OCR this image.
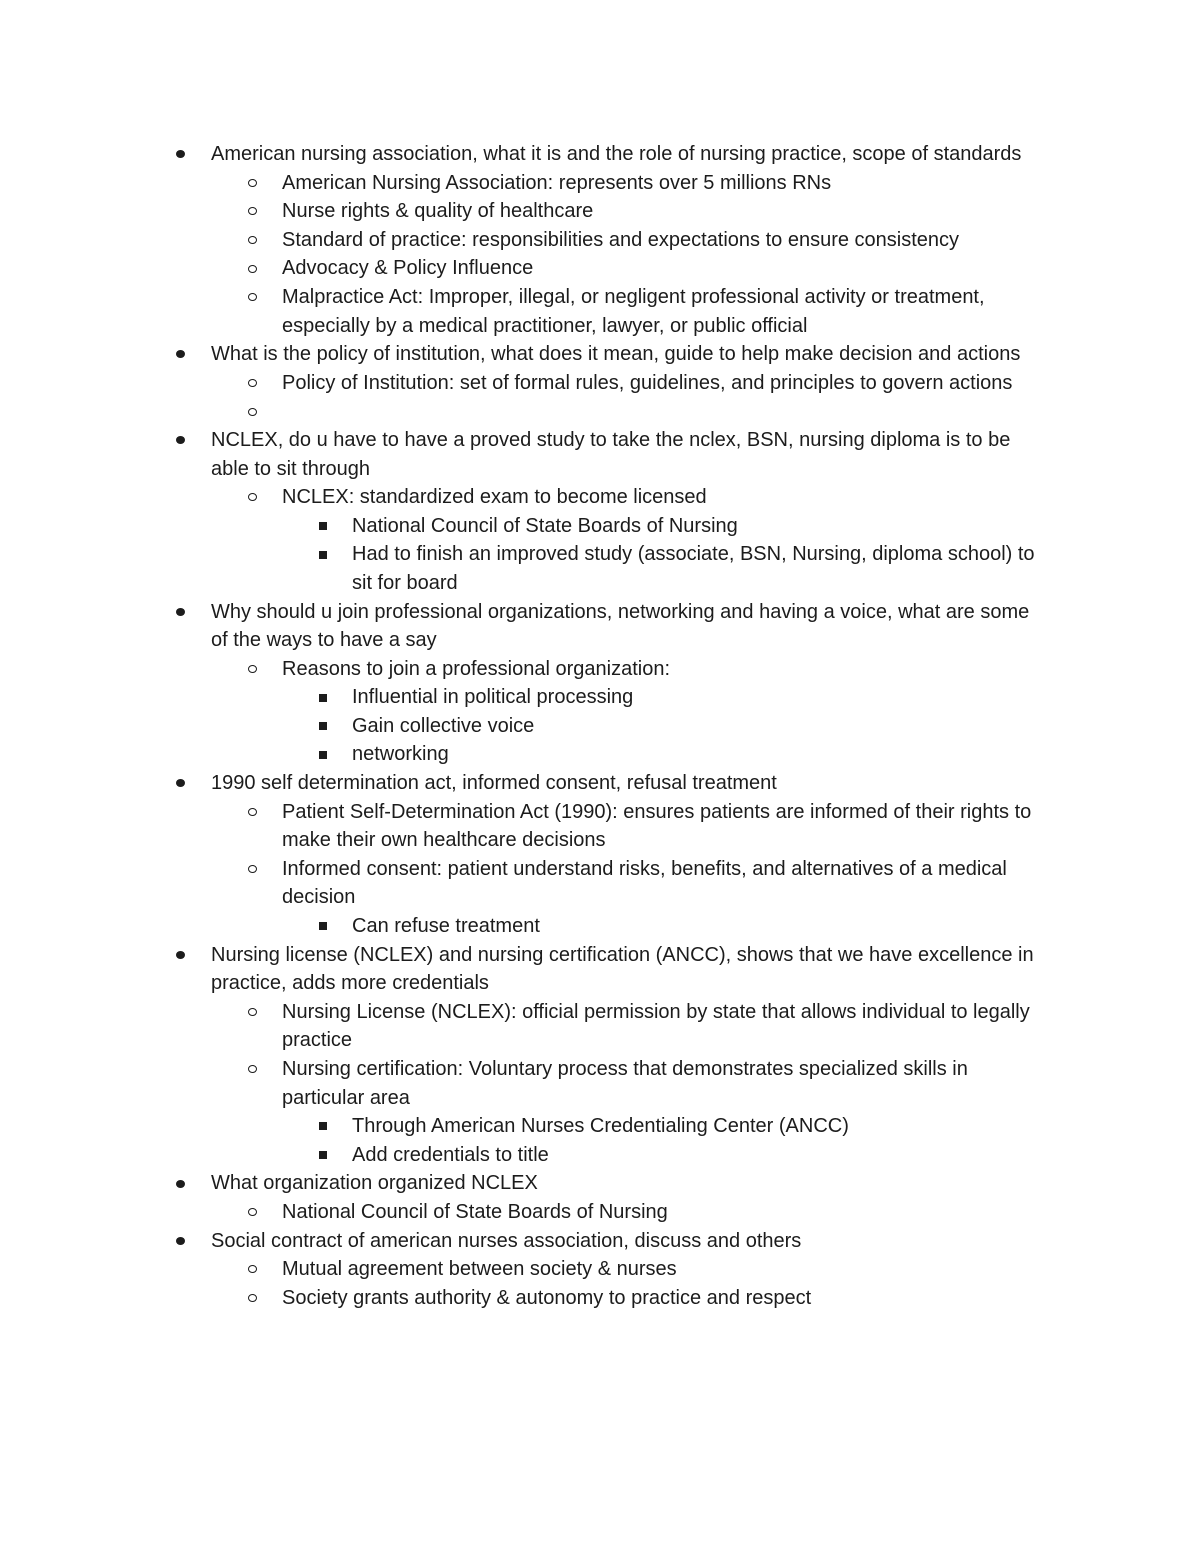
American nursing association, what it is and the role of nursing practice, scope of standards
American Nursing Association: represents over 5 millions RNs
Nurse rights & quality of healthcare
Standard of practice: responsibilities and expectations to ensure consistency
Advocacy & Policy Influence
Malpractice Act: Improper, illegal, or negligent professional activity or treatment, especially by a medical practitioner, lawyer, or public official
What is the policy of institution, what does it mean, guide to help make decision and actions
Policy of Institution: set of formal rules, guidelines, and principles to govern actions

NCLEX, do u have to have a proved study to take the nclex, BSN, nursing diploma is to be able to sit through
NCLEX: standardized exam to become licensed
National Council of State Boards of Nursing
Had to finish an improved study (associate, BSN, Nursing, diploma school) to sit for board
Why should u join professional organizations, networking and having a voice, what are some of the ways to have a say
Reasons to join a professional organization:
Influential in political processing
Gain collective voice
networking
1990 self determination act, informed consent, refusal treatment
Patient Self-Determination Act (1990): ensures patients are informed of their rights to make their own healthcare decisions
Informed consent: patient understand risks, benefits, and alternatives of a medical decision
Can refuse treatment
Nursing license (NCLEX) and nursing certification (ANCC), shows that we have excellence in practice, adds more credentials
Nursing License (NCLEX): official permission by state that allows individual to legally practice
Nursing certification: Voluntary process that demonstrates specialized skills in particular area
Through American Nurses Credentialing Center (ANCC)
Add credentials to title
What organization organized NCLEX
National Council of State Boards of Nursing
Social contract of american nurses association, discuss and others
Mutual agreement between society & nurses
Society grants authority & autonomy to practice and respect
